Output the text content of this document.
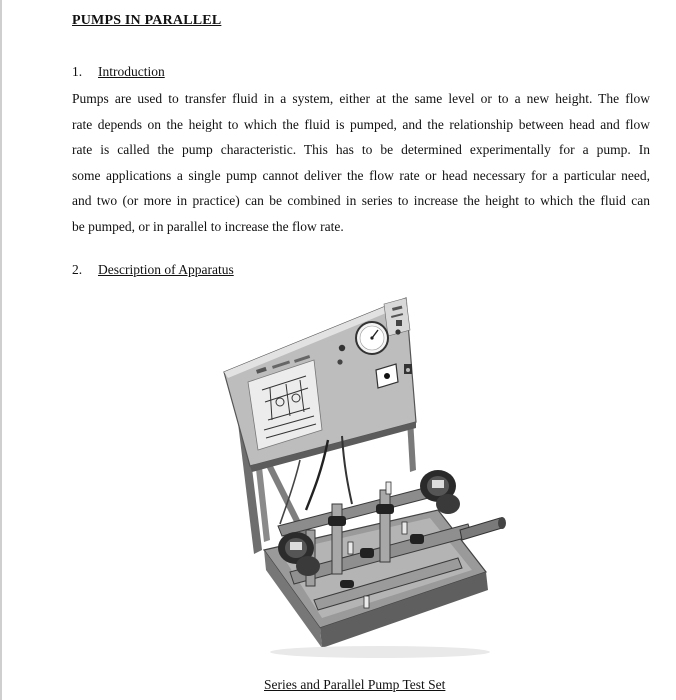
PUMPS IN PARALLEL
1. Introduction
Pumps are used to transfer fluid in a system, either at the same level or to a new height. The flow
rate depends on the height to which the fluid is pumped, and the relationship between head and flow
rate is called the pump characteristic. This has to be determined experimentally for a pump. In
some applications a single pump cannot deliver the flow rate or head necessary for a particular need,
and two (or more in practice) can be combined in series to increase the height to which the fluid can
be pumped, or in parallel to increase the flow rate.
2. Description of Apparatus
Series and Parallel Pump Test Set
